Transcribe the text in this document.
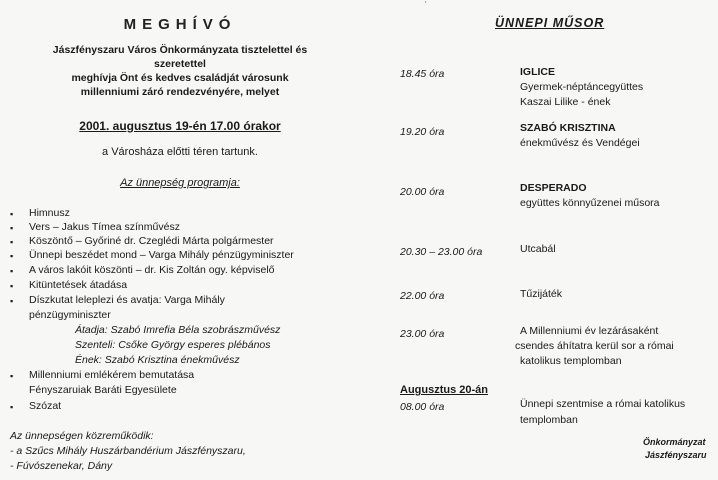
MEGHÍVÓ
Jászfényszaru Város Önkormányzata tisztelettel és
szeretettel
meghívja Önt és kedves családját városunk
millenniumi záró rendezvényére, melyet
2001. augusztus 19-én 17.00 órakor
a Városháza előtti téren tartunk.
Az ünnepség programja:
▪ Himnusz
▪ Vers – Jakus Tímea színművész
▪ Köszöntő – Győriné dr. Czeglédi Márta polgármester
▪ Ünnepi beszédet mond – Varga Mihály pénzügyminiszter
▪ A város lakóit köszönti – dr. Kis Zoltán ogy. képviselő
▪ Kitüntetések átadása
▪ Díszkutat leleplezi és avatja: Varga Mihály
pénzügyminiszter
Átadja: Szabó Imrefia Béla szobrászművész
Szenteli: Csőke György esperes plébános
Ének: Szabó Krisztina énekművész
▪ Millenniumi emlékérem bemutatása
Fényszaruiak Baráti Egyesülete
▪ Szózat
Az ünnepségen közreműködik:
- a Szűcs Mihály Huszárbandérium Jászfényszaru,
- Fúvószenekar, Dány
'
ÜNNEPI MŰSOR
18.45 óra	IGLICE
Gyermek-néptáncegyüttes
Kaszai Lilike - ének
19.20 óra	SZABÓ KRISZTINA
énekművész és Vendégei
20.00 óra	DESPERADO
együttes könnyűzenei műsora
20.30 – 23.00 óra	Utcabál
22.00 óra	Tűzijáték
23.00 óra	A Millenniumi év lezárásaként
csendes áhítatra kerül sor a római
katolikus templomban
Augusztus 20-án
08.00 óra	Ünnepi szentmise a római katolikus
templomban
Önkormányzat
Jászfényszaru
